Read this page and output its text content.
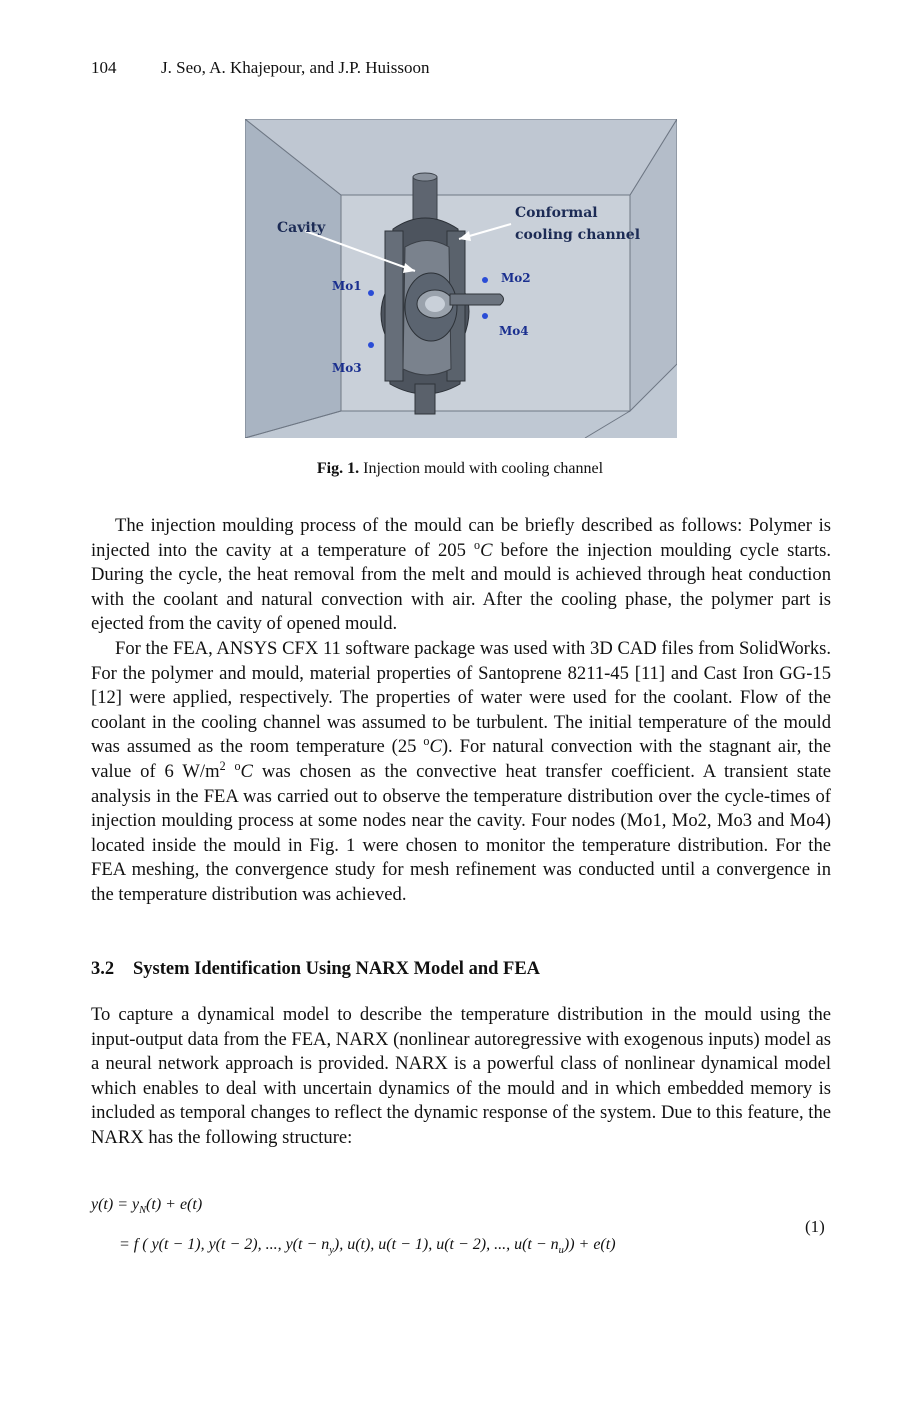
104	J. Seo, A. Khajepour, and J.P. Huissoon
Cavity
Conformal
cooling channel
Mo1
Mo2
Mo3
Mo4
Fig. 1. Injection mould with cooling channel

The injection moulding process of the mould can be briefly described as follows: Polymer is injected into the cavity at a temperature of 205 $^o$C before the injection moulding cycle starts. During the cycle, the heat removal from the melt and mould is achieved through heat conduction with the coolant and natural convection with air. After the cooling phase, the polymer part is ejected from the cavity of opened mould.

For the FEA, ANSYS CFX 11 software package was used with 3D CAD files from SolidWorks. For the polymer and mould, material properties of Santoprene 8211-45 [11] and Cast Iron GG-15 [12] were applied, respectively. The properties of water were used for the coolant. Flow of the coolant in the cooling channel was assumed to be turbulent. The initial temperature of the mould was assumed as the room temperature (25 $^o$C). For natural convection with the stagnant air, the value of 6 $W/m^2$ $^o$C was chosen as the convective heat transfer coefficient. A transient state analysis in the FEA was carried out to observe the temperature distribution over the cycle-times of injection moulding process at some nodes near the cavity. Four nodes (Mo1, Mo2, Mo3 and Mo4) located inside the mould in Fig. 1 were chosen to monitor the temperature distribution. For the FEA meshing, the convergence study for mesh refinement was conducted until a convergence in the temperature distribution was achieved.

3.2 System Identification Using NARX Model and FEA

To capture a dynamical model to describe the temperature distribution in the mould using the input-output data from the FEA, NARX (nonlinear autoregressive with exogenous inputs) model as a neural network approach is provided. NARX is a powerful class of nonlinear dynamical model which enables to deal with uncertain dynamics of the mould and in which embedded memory is included as temporal changes to reflect the dynamic response of the system. Due to this feature, the NARX has the following structure:

$y(t) = y_N(t) + e(t)$
= f ( y(t − 1), y(t − 2), ..., $y(t - n_y)$, u(t), u(t − 1), u(t − 2), ..., $u(t - n_u)) + e(t)$
(1)
